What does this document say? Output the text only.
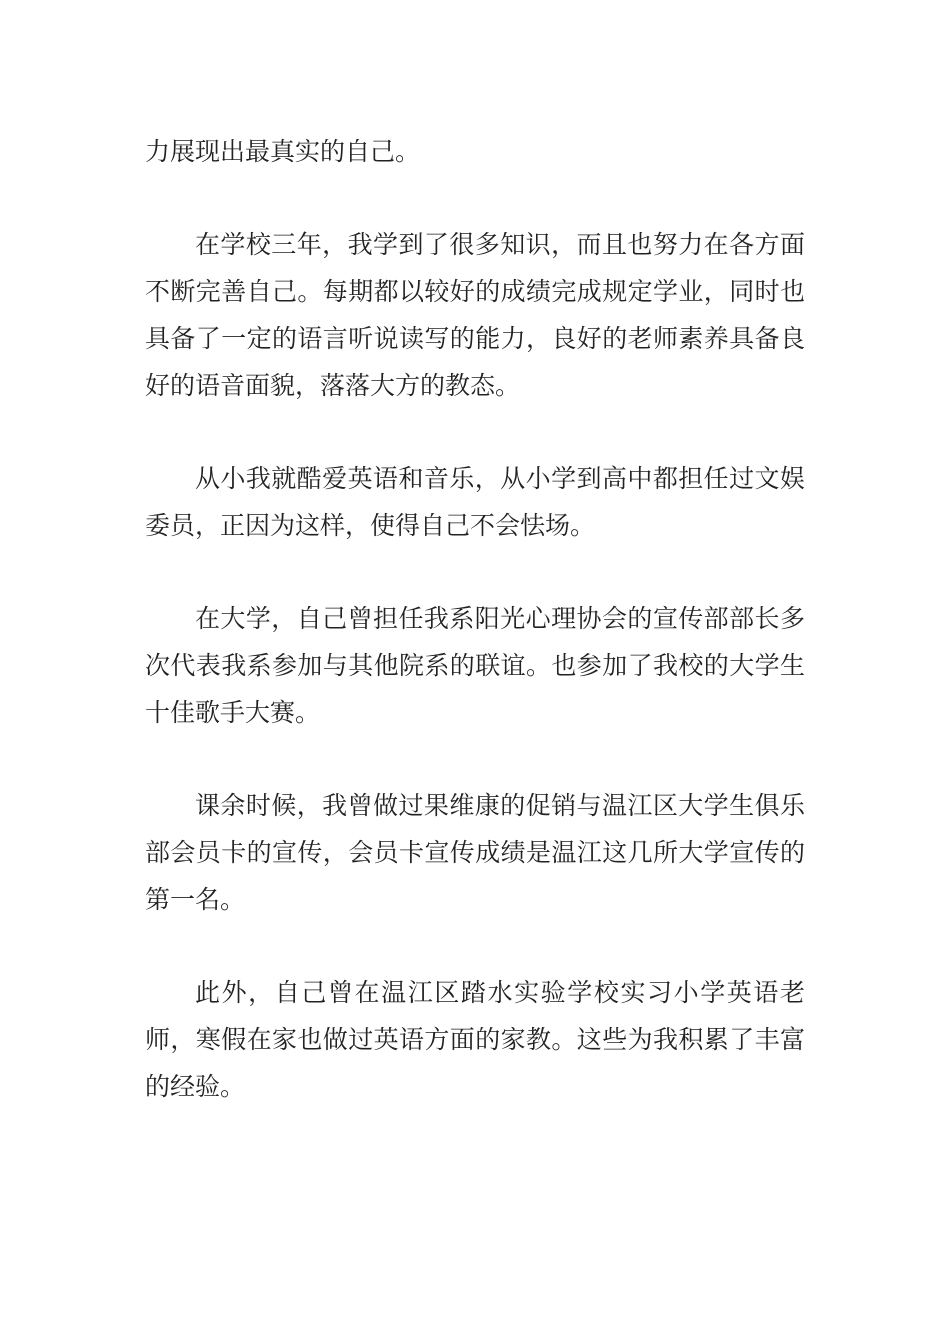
力展现出最真实的自己。

在学校三年，我学到了很多知识，而且也努力在各方面不断完善自己。每期都以较好的成绩完成规定学业，同时也具备了一定的语言听说读写的能力，良好的老师素养具备良好的语音面貌，落落大方的教态。

从小我就酷爱英语和音乐，从小学到高中都担任过文娱委员，正因为这样，使得自己不会怯场。

在大学，自己曾担任我系阳光心理协会的宣传部部长多次代表我系参加与其他院系的联谊。也参加了我校的大学生十佳歌手大赛。

课余时候，我曾做过果维康的促销与温江区大学生俱乐部会员卡的宣传，会员卡宣传成绩是温江这几所大学宣传的第一名。

此外，自己曾在温江区踏水实验学校实习小学英语老师，寒假在家也做过英语方面的家教。这些为我积累了丰富的经验。
